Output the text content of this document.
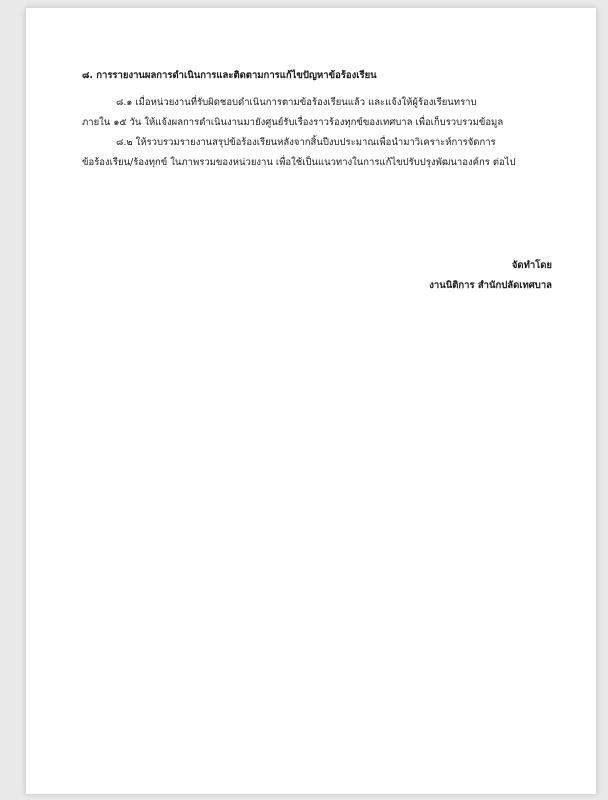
๘. การรายงานผลการดำเนินการและติดตามการแก้ไขปัญหาข้อร้องเรียน

๘.๑ เมื่อหน่วยงานที่รับผิดชอบดำเนินการตามข้อร้องเรียนแล้ว และแจ้งให้ผู้ร้องเรียนทราบ

ภายใน ๑๕ วัน ให้แจ้งผลการดำเนินงานมายังศูนย์รับเรื่องราวร้องทุกข์ของเทศบาล เพื่อเก็บรวบรวมข้อมูล

๘.๒ ให้รวบรวมรายงานสรุปข้อร้องเรียนหลังจากสิ้นปีงบประมาณเพื่อนำมาวิเคราะห์การจัดการ

ข้อร้องเรียน/ร้องทุกข์ ในภาพรวมของหน่วยงาน เพื่อใช้เป็นแนวทางในการแก้ไขปรับปรุงพัฒนาองค์กร ต่อไป

จัดทำโดย
งานนิติการ สำนักปลัดเทศบาล
